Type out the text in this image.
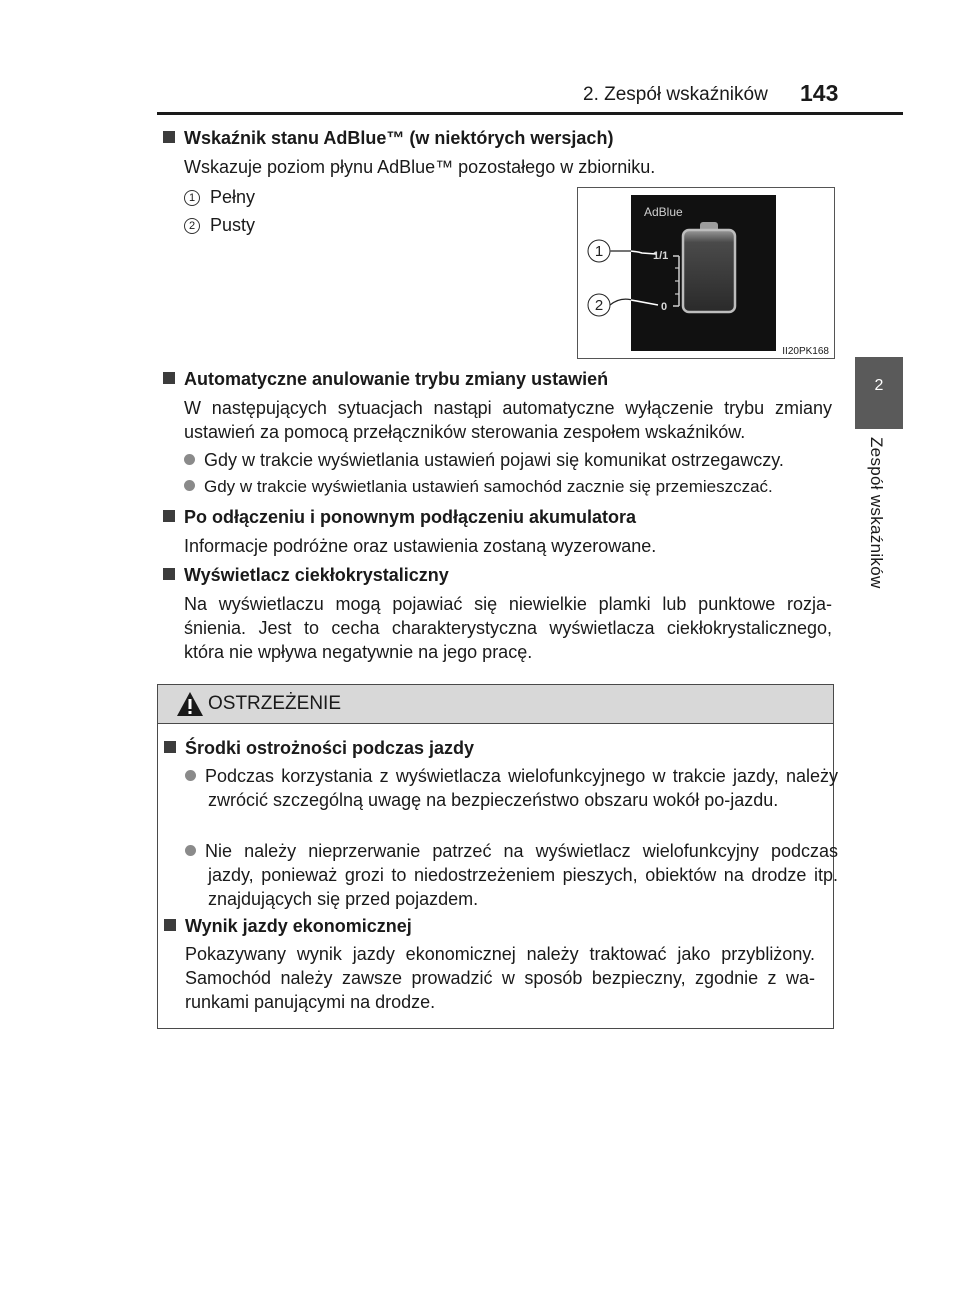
2. Zespół wskaźników 143
2
Zespół wskaźników
Wskaźnik stanu AdBlue™ (w niektórych wersjach)
Wskazuje poziom płynu AdBlue™ pozostałego w zbiorniku.
1 Pełny
2 Pusty
AdBlue
1/1
0
1
2
II20PK168
Automatyczne anulowanie trybu zmiany ustawień
W następujących sytuacjach nastąpi automatyczne wyłączenie trybu zmiany ustawień za pomocą przełączników sterowania zespołem wskaźników.
Gdy w trakcie wyświetlania ustawień pojawi się komunikat ostrzegawczy.
Gdy w trakcie wyświetlania ustawień samochód zacznie się przemieszczać.
Po odłączeniu i ponownym podłączeniu akumulatora
Informacje podróżne oraz ustawienia zostaną wyzerowane.
Wyświetlacz ciekłokrystaliczny
Na wyświetlaczu mogą pojawiać się niewielkie plamki lub punktowe rozja-śnienia. Jest to cecha charakterystyczna wyświetlacza ciekłokrystalicznego, która nie wpływa negatywnie na jego pracę.
OSTRZEŻENIE
Środki ostrożności podczas jazdy
Podczas korzystania z wyświetlacza wielofunkcyjnego w trakcie jazdy, należy zwrócić szczególną uwagę na bezpieczeństwo obszaru wokół po-jazdu.
Nie należy nieprzerwanie patrzeć na wyświetlacz wielofunkcyjny podczas jazdy, ponieważ grozi to niedostrzeżeniem pieszych, obiektów na drodze itp. znajdujących się przed pojazdem.
Wynik jazdy ekonomicznej
Pokazywany wynik jazdy ekonomicznej należy traktować jako przybliżony. Samochód należy zawsze prowadzić w sposób bezpieczny, zgodnie z wa-runkami panującymi na drodze.
